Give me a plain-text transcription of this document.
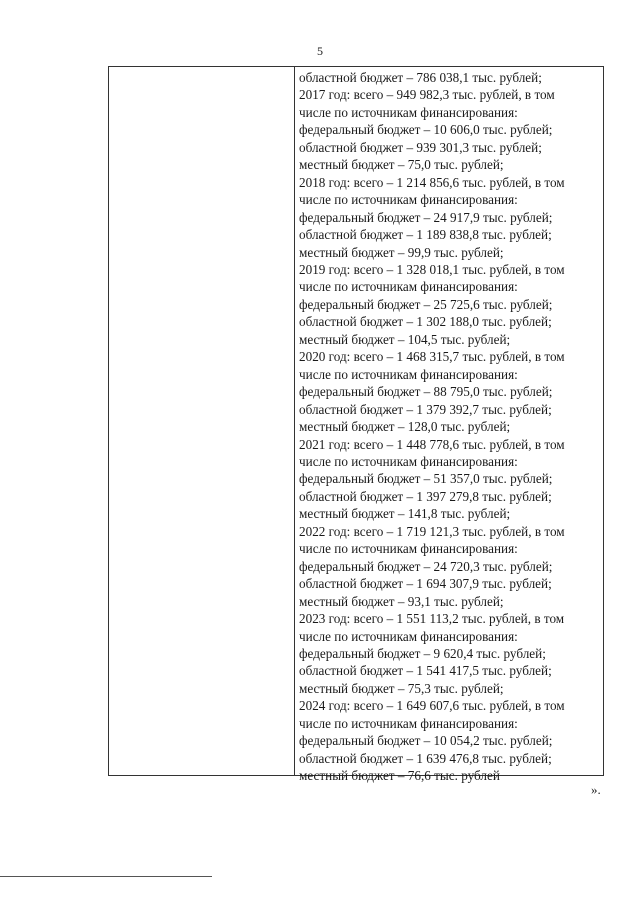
5
областной бюджет – 786 038,1 тыс. рублей;
2017 год: всего – 949 982,3 тыс. рублей, в том
числе по источникам финансирования:
федеральный бюджет – 10 606,0 тыс. рублей;
областной бюджет – 939 301,3 тыс. рублей;
местный бюджет – 75,0 тыс. рублей;
2018 год: всего – 1 214 856,6 тыс. рублей, в том
числе по источникам финансирования:
федеральный бюджет – 24 917,9 тыс. рублей;
областной бюджет – 1 189 838,8 тыс. рублей;
местный бюджет – 99,9 тыс. рублей;
2019 год: всего – 1 328 018,1 тыс. рублей, в том
числе по источникам финансирования:
федеральный бюджет – 25 725,6 тыс. рублей;
областной бюджет – 1 302 188,0 тыс. рублей;
местный бюджет – 104,5 тыс. рублей;
2020 год: всего – 1 468 315,7 тыс. рублей, в том
числе по источникам финансирования:
федеральный бюджет – 88 795,0 тыс. рублей;
областной бюджет – 1 379 392,7 тыс. рублей;
местный бюджет – 128,0 тыс. рублей;
2021 год: всего – 1 448 778,6 тыс. рублей, в том
числе по источникам финансирования:
федеральный бюджет – 51 357,0 тыс. рублей;
областной бюджет – 1 397 279,8 тыс. рублей;
местный бюджет – 141,8 тыс. рублей;
2022 год: всего – 1 719 121,3 тыс. рублей, в том
числе по источникам финансирования:
федеральный бюджет – 24 720,3 тыс. рублей;
областной бюджет – 1 694 307,9 тыс. рублей;
местный бюджет – 93,1 тыс. рублей;
2023 год: всего – 1 551 113,2 тыс. рублей, в том
числе по источникам финансирования:
федеральный бюджет – 9 620,4 тыс. рублей;
областной бюджет – 1 541 417,5 тыс. рублей;
местный бюджет – 75,3 тыс. рублей;
2024 год: всего – 1 649 607,6 тыс. рублей, в том
числе по источникам финансирования:
федеральный бюджет – 10 054,2 тыс. рублей;
областной бюджет – 1 639 476,8 тыс. рублей;
местный бюджет – 76,6 тыс. рублей
».
